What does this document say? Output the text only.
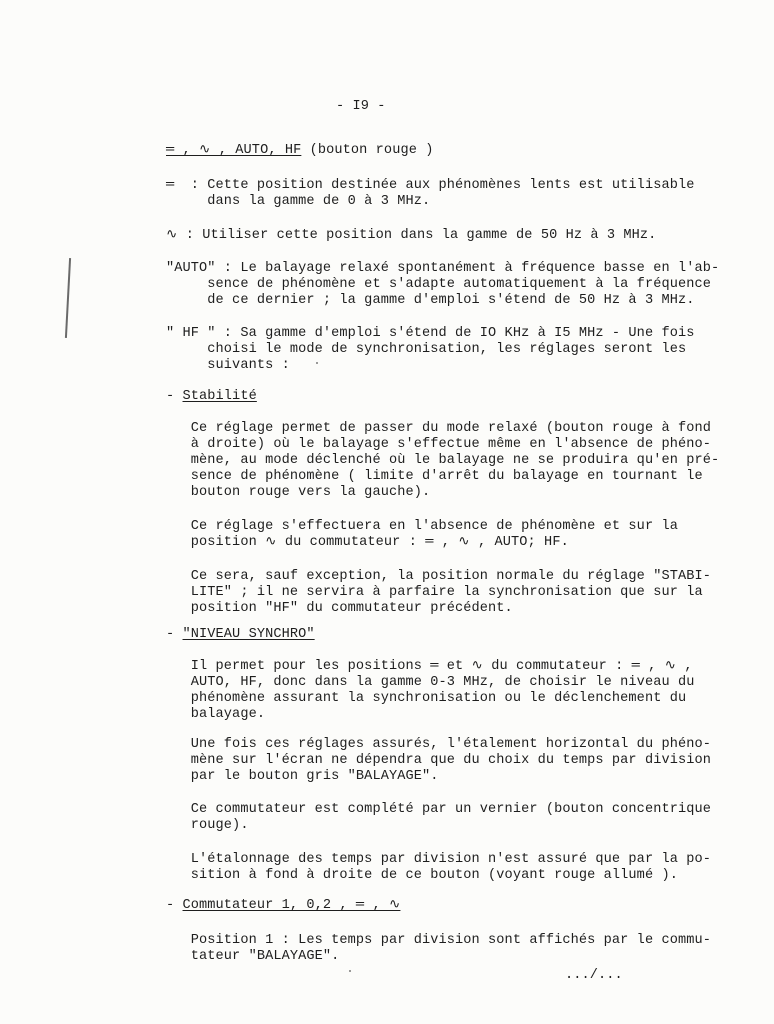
- I9 -
═ , ∿ , AUTO, HF (bouton rouge )
═  : Cette position destinée aux phénomènes lents est utilisable
dans la gamme de 0 à 3 MHz.
∿ : Utiliser cette position dans la gamme de 50 Hz à 3 MHz.
"AUTO" : Le balayage relaxé spontanément à fréquence basse en l'ab-
sence de phénomène et s'adapte automatiquement à la fréquence
de ce dernier ; la gamme d'emploi s'étend de 50 Hz à 3 MHz.
" HF " : Sa gamme d'emploi s'étend de IO KHz à I5 MHz - Une fois
choisi le mode de synchronisation, les réglages seront les
suivants :
- Stabilité
Ce réglage permet de passer du mode relaxé (bouton rouge à fond
à droite) où le balayage s'effectue même en l'absence de phéno-
mène, au mode déclenché où le balayage ne se produira qu'en pré-
sence de phénomène ( limite d'arrêt du balayage en tournant le
bouton rouge vers la gauche).
Ce réglage s'effectuera en l'absence de phénomène et sur la
position ∿ du commutateur : ═ , ∿ , AUTO; HF.
Ce sera, sauf exception, la position normale du réglage "STABI-
LITE" ; il ne servira à parfaire la synchronisation que sur la
position "HF" du commutateur précédent.
- "NIVEAU SYNCHRO"
Il permet pour les positions ═ et ∿ du commutateur : ═ , ∿ ,
AUTO, HF, donc dans la gamme 0-3 MHz, de choisir le niveau du
phénomène assurant la synchronisation ou le déclenchement du
balayage.
Une fois ces réglages assurés, l'étalement horizontal du phéno-
mène sur l'écran ne dépendra que du choix du temps par division
par le bouton gris "BALAYAGE".
Ce commutateur est complété par un vernier (bouton concentrique
rouge).
L'étalonnage des temps par division n'est assuré que par la po-
sition à fond à droite de ce bouton (voyant rouge allumé ).
- Commutateur 1, 0,2 , ═ , ∿
Position 1 : Les temps par division sont affichés par le commu-
tateur "BALAYAGE".
.../...
